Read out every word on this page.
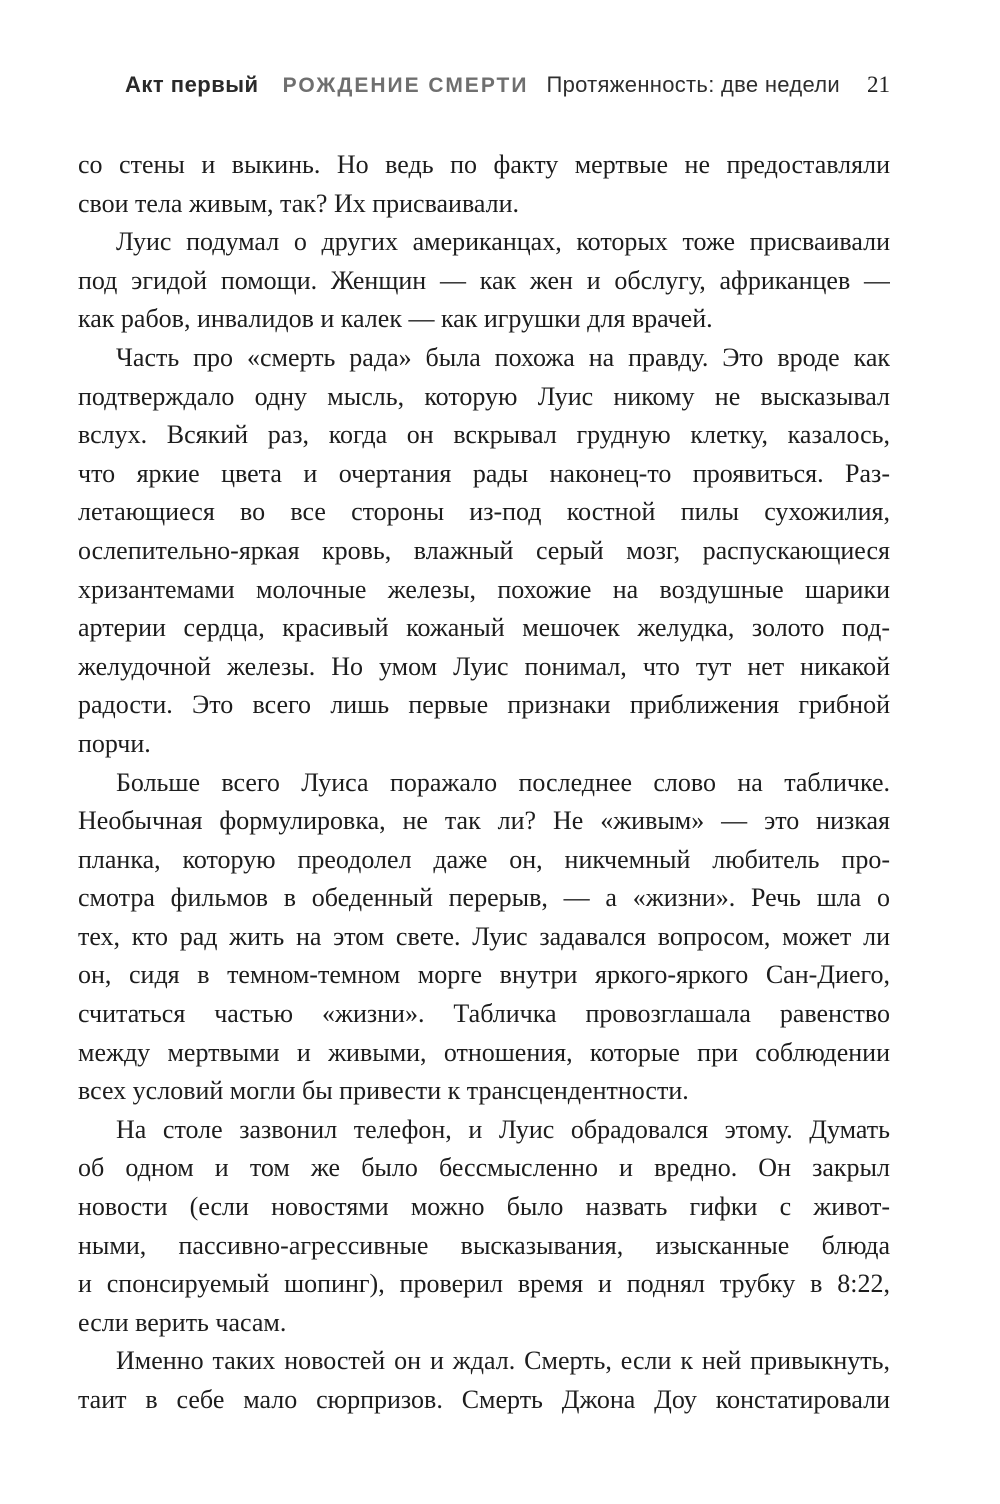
Акт первый РОЖДЕНИЕ СМЕРТИ Протяженность: две недели 21
со стены и выкинь. Но ведь по факту мертвые не предоставляли
свои тела живым, так? Их присваивали.
Луис подумал о других американцах, которых тоже присваивали
под эгидой помощи. Женщин — как жен и обслугу, африканцев —
как рабов, инвалидов и калек — как игрушки для врачей.
Часть про «смерть рада» была похожа на правду. Это вроде как
подтверждало одну мысль, которую Луис никому не высказывал
вслух. Всякий раз, когда он вскрывал грудную клетку, казалось,
что яркие цвета и очертания рады наконец-то проявиться. Раз-
летающиеся во все стороны из-под костной пилы сухожилия,
ослепительно-яркая кровь, влажный серый мозг, распускающиеся
хризантемами молочные железы, похожие на воздушные шарики
артерии сердца, красивый кожаный мешочек желудка, золото под-
желудочной железы. Но умом Луис понимал, что тут нет никакой
радости. Это всего лишь первые признаки приближения грибной
порчи.
Больше всего Луиса поражало последнее слово на табличке.
Необычная формулировка, не так ли? Не «живым» — это низкая
планка, которую преодолел даже он, никчемный любитель про-
смотра фильмов в обеденный перерыв, — а «жизни». Речь шла о
тех, кто рад жить на этом свете. Луис задавался вопросом, может ли
он, сидя в темном-темном морге внутри яркого-яркого Сан-Диего,
считаться частью «жизни». Табличка провозглашала равенство
между мертвыми и живыми, отношения, которые при соблюдении
всех условий могли бы привести к трансцендентности.
На столе зазвонил телефон, и Луис обрадовался этому. Думать
об одном и том же было бессмысленно и вредно. Он закрыл
новости (если новостями можно было назвать гифки с живот-
ными, пассивно-агрессивные высказывания, изысканные блюда
и спонсируемый шопинг), проверил время и поднял трубку в 8:22,
если верить часам.
Именно таких новостей он и ждал. Смерть, если к ней привыкнуть,
таит в себе мало сюрпризов. Смерть Джона Доу констатировали
